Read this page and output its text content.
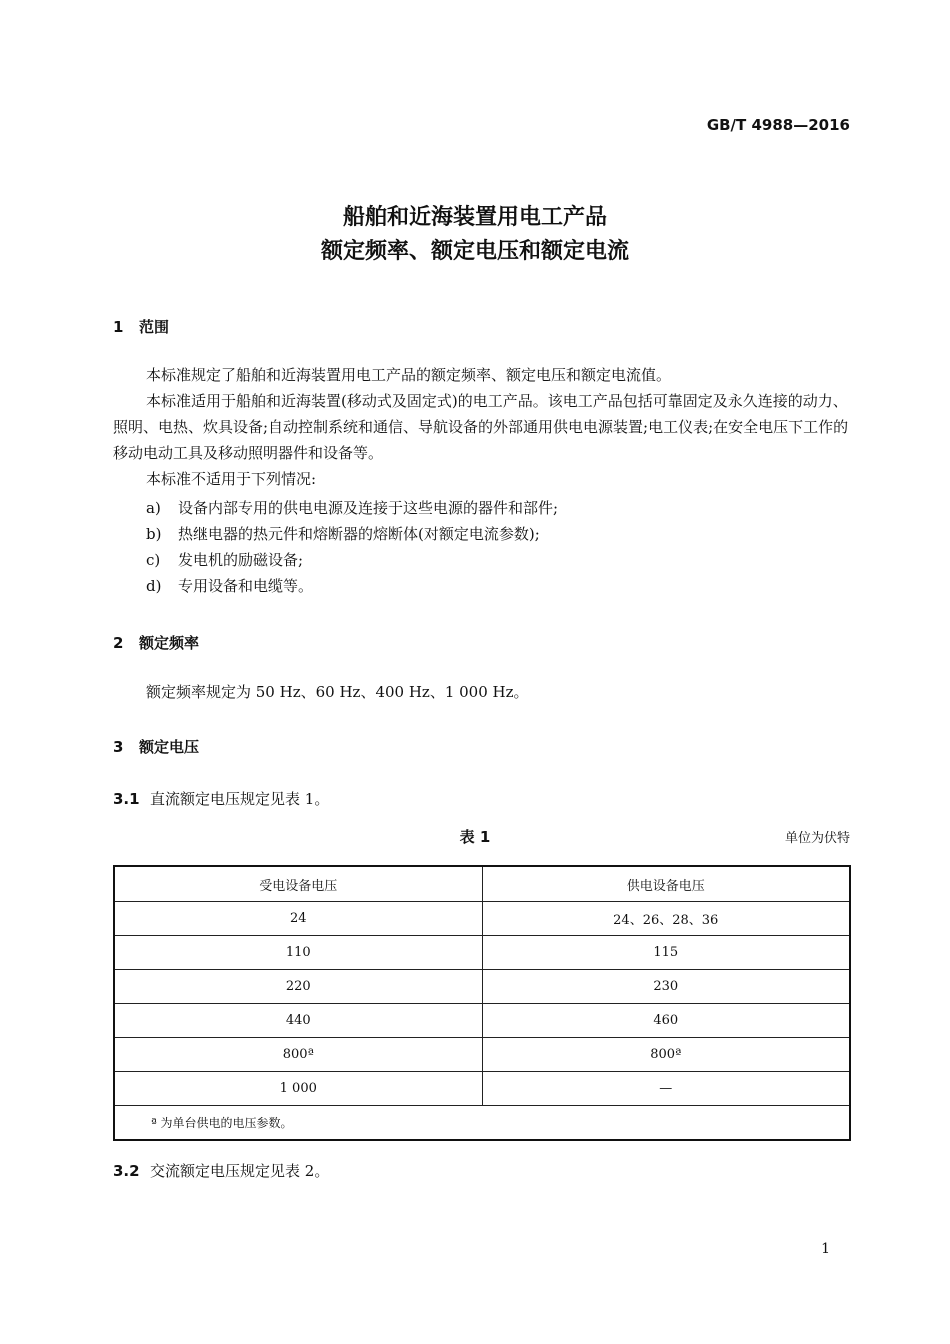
GB/T 4988—2016
船舶和近海装置用电工产品
额定频率、额定电压和额定电流
1 范围
本标准规定了船舶和近海装置用电工产品的额定频率、额定电压和额定电流值。
本标准适用于船舶和近海装置(移动式及固定式)的电工产品。该电工产品包括可靠固定及永久连接的动力、照明、电热、炊具设备;自动控制系统和通信、导航设备的外部通用供电电源装置;电工仪表;在安全电压下工作的移动电动工具及移动照明器件和设备等。
本标准不适用于下列情况:
a) 设备内部专用的供电电源及连接于这些电源的器件和部件;
b) 热继电器的热元件和熔断器的熔断体(对额定电流参数);
c) 发电机的励磁设备;
d) 专用设备和电缆等。
2 额定频率
额定频率规定为 50 Hz、60 Hz、400 Hz、1 000 Hz。
3 额定电压
3.1 直流额定电压规定见表 1。
表 1	单位为伏特
受电设备电压	供电设备电压
24	24、26、28、36
110	115
220	230
440	460
800ª	800ª
1 000	—
ª 为单台供电的电压参数。	
3.2 交流额定电压规定见表 2。
1
